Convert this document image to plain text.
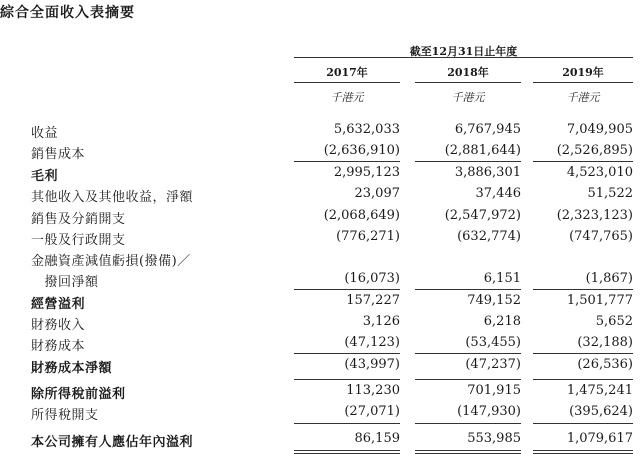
綜合全面收入表摘要
截至12月31日止年度
2017年	2018年	2019年
千港元	千港元	千港元
收益	5,632,033	6,767,945	7,049,905
銷售成本	(2,636,910)	(2,881,644)	(2,526,895)
毛利	2,995,123	3,886,301	4,523,010
其他收入及其他收益，淨額	23,097	37,446	51,522
銷售及分銷開支	(2,068,649)	(2,547,972)	(2,323,123)
一般及行政開支	(776,271)	(632,774)	(747,765)
金融資產減值虧損(撥備)／
　撥回淨額	(16,073)	6,151	(1,867)
經營溢利	157,227	749,152	1,501,777
財務收入	3,126	6,218	5,652
財務成本	(47,123)	(53,455)	(32,188)
財務成本淨額	(43,997)	(47,237)	(26,536)
除所得稅前溢利	113,230	701,915	1,475,241
所得稅開支	(27,071)	(147,930)	(395,624)
本公司擁有人應佔年內溢利	86,159	553,985	1,079,617
